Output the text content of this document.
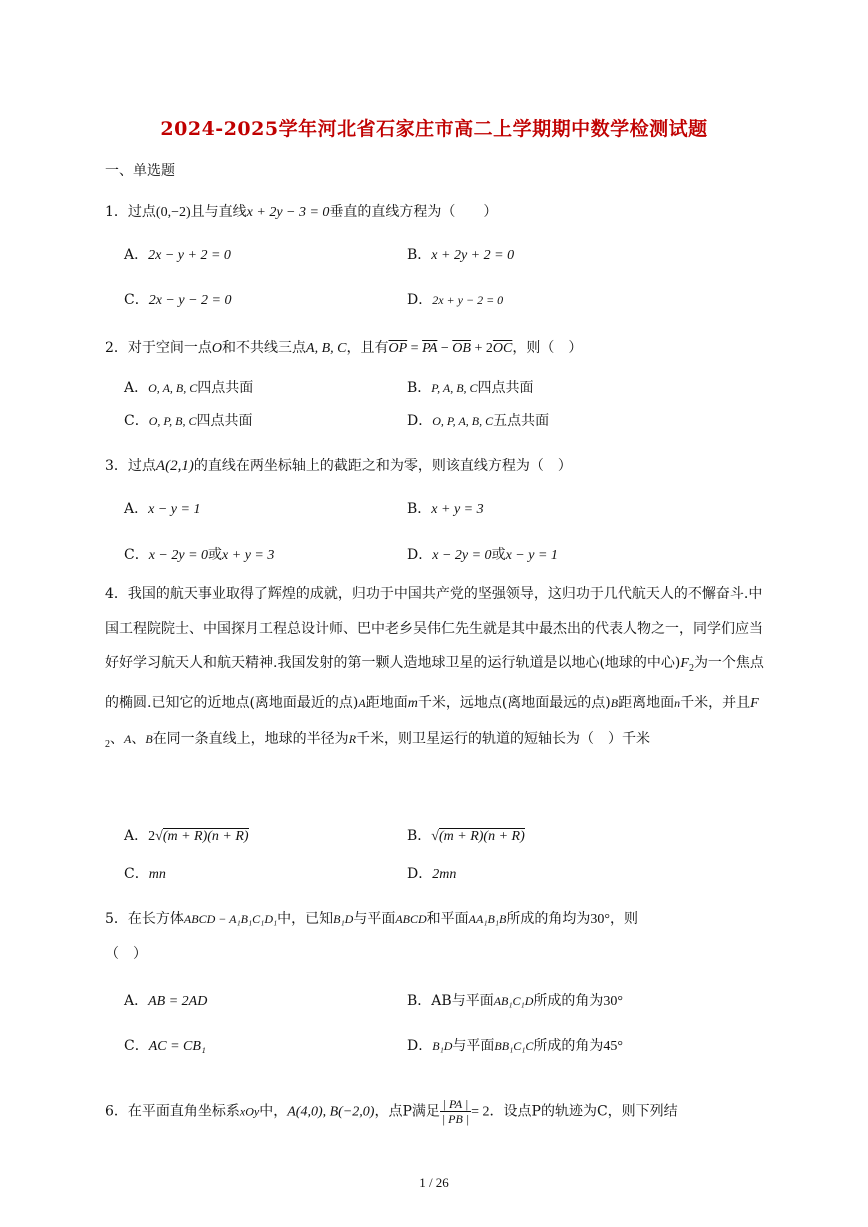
2024-2025学年河北省石家庄市高二上学期期中数学检测试题
一、单选题
1．过点(0,−2)且与直线x + 2y − 3 = 0垂直的直线方程为（　　）
A．2x − y + 2 = 0	B．x + 2y + 2 = 0
C．2x − y − 2 = 0	D．2x + y − 2 = 0
2．对于空间一点O和不共线三点A, B, C，且有$\overline{OP} = \overline{PA} - \overline{OB} + 2\overline{OC}$，则（　）
A．O, A, B, C四点共面	B．P, A, B, C四点共面
C．O, P, B, C四点共面	D．O, P, A, B, C五点共面
3．过点A(2,1)的直线在两坐标轴上的截距之和为零，则该直线方程为（　）
A．x − y = 1	B．x + y = 3
C．x − 2y = 0或x + y = 3	D．x − 2y = 0或x − y = 1
4．我国的航天事业取得了辉煌的成就，归功于中国共产党的坚强领导，这归功于几代航天人的不懈奋斗.中国工程院院士、中国探月工程总设计师、巴中老乡吴伟仁先生就是其中最杰出的代表人物之一，同学们应当好好学习航天人和航天精神.我国发射的第一颗人造地球卫星的运行轨道是以地心(地球的中心)$F_2$为一个焦点的椭圆.已知它的近地点(离地面最近的点)A距地面m千米，远地点(离地面最远的点)B距离地面n千米，并且$F_2$、A、B在同一条直线上，地球的半径为R千米，则卫星运行的轨道的短轴长为（　）千米
A．2√(m + R)(n + R)	B．√(m + R)(n + R)
C．mn	D．2mn
5．在长方体ABCD − A₁B₁C₁D₁中，已知B₁D与平面ABCD和平面AA₁B₁B所成的角均为30°，则
（　）
A．AB = 2AD	B．AB与平面AB₁C₁D所成的角为30°
C．AC = CB₁	D．B₁D与平面BB₁C₁C所成的角为45°
6．在平面直角坐标系xOy中，A(4,0), B(−2,0)，点P满足 $\frac{| PA |}{| PB |} = 2$．设点P的轨迹为C，则下列结
1 / 26
